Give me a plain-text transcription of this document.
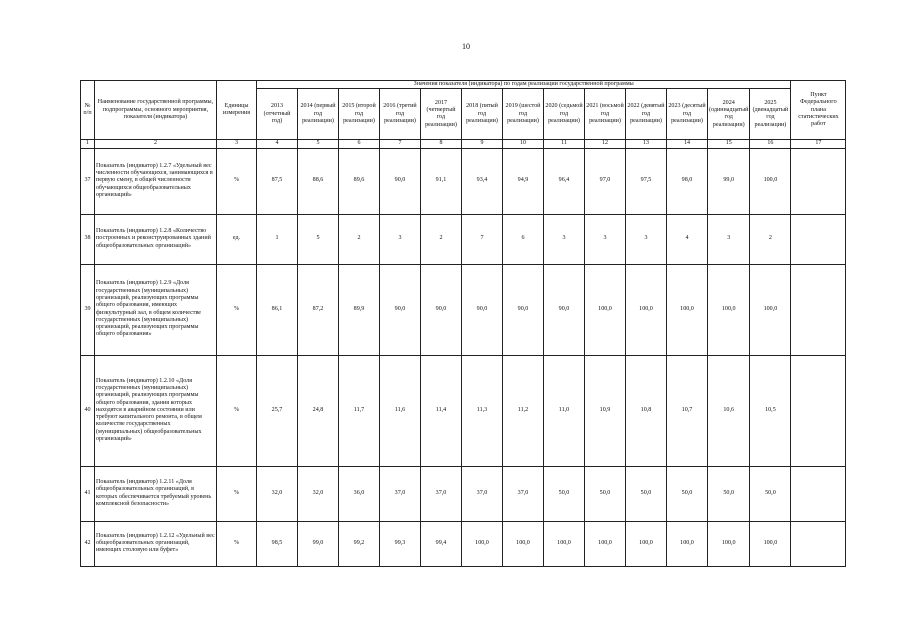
10
№ п/п	Наименование государственной программы, подпрограммы, основного мероприятия, показателя (индикатора)	Единицы измерения	Значения показателя (индикатора) по годам реализации государственной программы													Пункт Федерального плана статистических работ
			2013 (отчетный год)	2014 (первый год реализации)	2015 (второй год реализации)	2016 (третий год реализации)	2017 (четвертый год реализации)	2018 (пятый год реализации)	2019 (шестой год реализации)	2020 (седьмой год реализации)	2021 (восьмой год реализации)	2022 (девятый год реализации)	2023 (десятый год реализации)	2024 (одиннадцатый год реализации)	2025 (двенадцатый год реализации)	
1	2	3	4	5	6	7	8	9	10	11	12	13	14	15	16	17
37	Показатель (индикатор) 1.2.7 «Удельный вес численности обучающихся, занимающихся в первую смену, в общей численности обучающихся общеобразовательных организаций»	%	87,5	88,6	89,6	90,0	91,1	93,4	94,9	96,4	97,0	97,5	98,0	99,0	100,0	
38	Показатель (индикатор) 1.2.8 «Количество построенных и реконструированных зданий общеобразовательных организаций»	ед.	1	5	2	3	2	7	6	3	3	3	4	3	2	
39	Показатель (индикатор) 1.2.9 «Доля государственных (муниципальных) организаций, реализующих программы общего образования, имеющих физкультурный зал, в общем количестве государственных (муниципальных) организаций, реализующих программы общего образования»	%	86,1	87,2	89,9	90,0	90,0	90,0	90,0	90,0	100,0	100,0	100,0	100,0	100,0	
40	Показатель (индикатор) 1.2.10 «Доля государственных (муниципальных) организаций, реализующих программы общего образования, здания которых находятся в аварийном состоянии или требуют капитального ремонта, в общем количестве государственных (муниципальных) общеобразовательных организаций»	%	25,7	24,8	11,7	11,6	11,4	11,3	11,2	11,0	10,9	10,8	10,7	10,6	10,5	
41	Показатель (индикатор) 1.2.11 «Доля общеобразовательных организаций, в которых обеспечивается требуемый уровень комплексной безопасности»	%	32,0	32,0	36,0	37,0	37,0	37,0	37,0	50,0	50,0	50,0	50,0	50,0	50,0	
42	Показатель (индикатор) 1.2.12 «Удельный вес общеобразовательных организаций, имеющих столовую или буфет»	%	98,5	99,0	99,2	99,3	99,4	100,0	100,0	100,0	100,0	100,0	100,0	100,0	100,0	
